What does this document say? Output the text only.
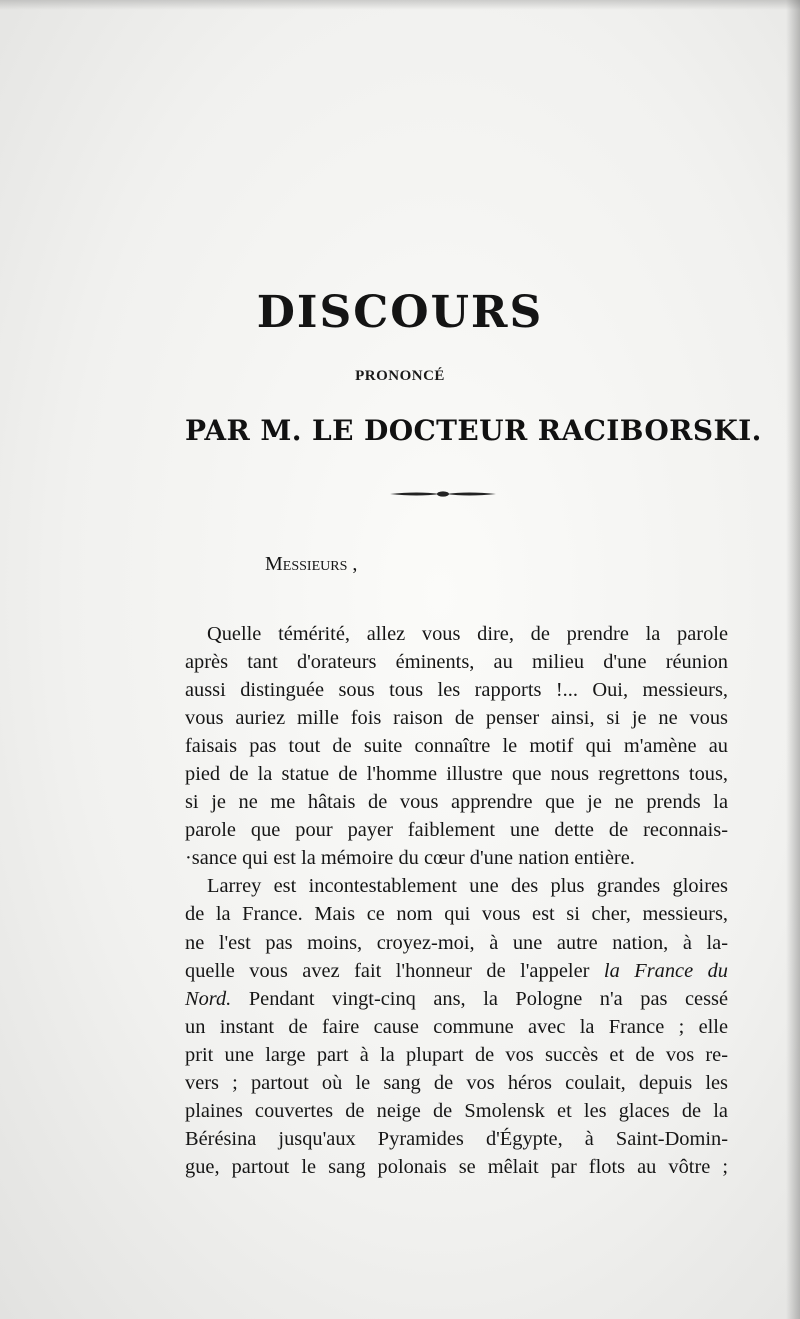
DISCOURS
PRONONCÉ
PAR M. LE DOCTEUR RACIBORSKI.
Messieurs ,
Quelle témérité, allez vous dire, de prendre la parole
après tant d'orateurs éminents, au milieu d'une réunion
aussi distinguée sous tous les rapports !... Oui, messieurs,
vous auriez mille fois raison de penser ainsi, si je ne vous
faisais pas tout de suite connaître le motif qui m'amène au
pied de la statue de l'homme illustre que nous regrettons tous,
si je ne me hâtais de vous apprendre que je ne prends la
parole que pour payer faiblement une dette de reconnais-
·sance qui est la mémoire du cœur d'une nation entière.
Larrey est incontestablement une des plus grandes gloires
de la France. Mais ce nom qui vous est si cher, messieurs,
ne l'est pas moins, croyez-moi, à une autre nation, à la-
quelle vous avez fait l'honneur de l'appeler la France du
Nord. Pendant vingt-cinq ans, la Pologne n'a pas cessé
un instant de faire cause commune avec la France ; elle
prit une large part à la plupart de vos succès et de vos re-
vers ; partout où le sang de vos héros coulait, depuis les
plaines couvertes de neige de Smolensk et les glaces de la
Bérésina jusqu'aux Pyramides d'Égypte, à Saint-Domin-
gue, partout le sang polonais se mêlait par flots au vôtre ;
